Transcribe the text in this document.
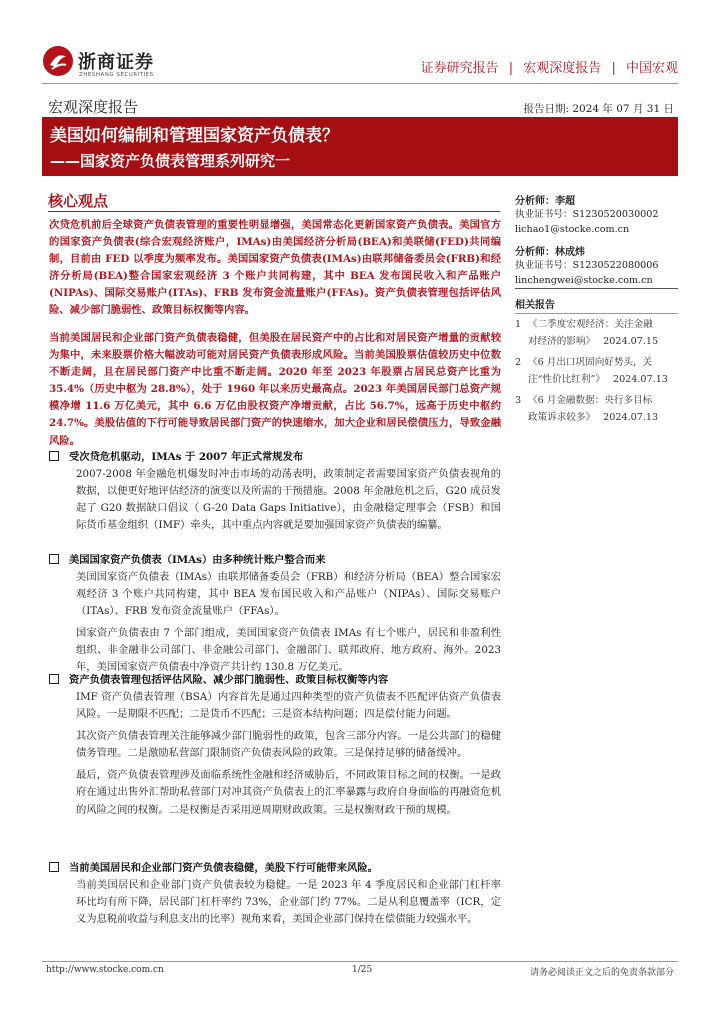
浙商证券
ZHESHANG SECURITIES	证券研究报告 | 宏观深度报告 | 中国宏观
宏观深度报告	报告日期: 2024 年 07 月 31 日
美国如何编制和管理国家资产负债表？
——国家资产负债表管理系列研究一
核心观点
次贷危机前后全球资产负债表管理的重要性明显增强，美国常态化更新国家资产负债表。美国官方的国家资产负债表(综合宏观经济账户，IMAs)由美国经济分析局(BEA)和美联储(FED)共同编制，目前由 FED 以季度为频率发布。美国国家资产负债表(IMAs)由联邦储备委员会(FRB)和经济分析局(BEA)整合国家宏观经济 3 个账户共同构建，其中 BEA 发布国民收入和产品账户(NIPAs)、国际交易账户(ITAs)、FRB 发布资金流量账户(FFAs)。资产负债表管理包括评估风险、减少部门脆弱性、政策目标权衡等内容。
当前美国居民和企业部门资产负债表稳健，但美股在居民资产中的占比和对居民资产增量的贡献较为集中，未来股票价格大幅波动可能对居民资产负债表形成风险。当前美国股票估值较历史中位数不断走阔，且在居民部门资产中比重不断走阔。2020 年至 2023 年股票占居民总资产比重为 35.4%（历史中枢为 28.8%），处于 1960 年以来历史最高点。2023 年美国居民部门总资产规模净增 11.6 万亿美元，其中 6.6 万亿由股权资产净增贡献，占比 56.7%，远高于历史中枢约 24.7%。美股估值的下行可能导致居民部门资产的快速缩水，加大企业和居民偿债压力，导致金融风险。
受次贷危机驱动，IMAs 于 2007 年正式常规发布
2007-2008 年金融危机爆发时冲击市场的动荡表明，政策制定者需要国家资产负债表视角的数据，以便更好地评估经济的演变以及所需的干预措施。2008 年金融危机之后，G20 成员发起了 G20 数据缺口倡议（ G-20 Data Gaps Initiative），由金融稳定理事会（FSB）和国际货币基金组织（IMF）牵头，其中重点内容就是要加强国家资产负债表的编纂。
美国国家资产负债表（IMAs）由多种统计账户整合而来
美国国家资产负债表（IMAs）由联邦储备委员会（FRB）和经济分析局（BEA）整合国家宏观经济 3 个账户共同构建，其中 BEA 发布国民收入和产品账户（NIPAs）、国际交易账户（ITAs）、FRB 发布资金流量账户（FFAs）。
国家资产负债表由 7 个部门组成，美国国家资产负债表 IMAs 有七个账户，居民和非盈利性组织、非金融非公司部门、非金融公司部门、金融部门、联邦政府、地方政府、海外。2023 年，美国国家资产负债表中净资产共计约 130.8 万亿美元。
资产负债表管理包括评估风险、减少部门脆弱性、政策目标权衡等内容
IMF 资产负债表管理（BSA）内容首先是通过四种类型的资产负债表不匹配评估资产负债表风险。一是期限不匹配；二是货币不匹配；三是资本结构问题；四是偿付能力问题。
其次资产负债表管理关注能够减少部门脆弱性的政策，包含三部分内容。一是公共部门的稳健债务管理。二是激励私营部门限制资产负债表风险的政策。三是保持足够的储备缓冲。
最后，资产负债表管理涉及面临系统性金融和经济威胁后，不同政策目标之间的权衡。一是政府在通过出售外汇帮助私营部门对冲其资产负债表上的汇率暴露与政府自身面临的再融资危机的风险之间的权衡。二是权衡是否采用逆周期财政政策。三是权衡财政干预的规模。
当前美国居民和企业部门资产负债表稳健，美股下行可能带来风险。
当前美国居民和企业部门资产负债表较为稳健。一是 2023 年 4 季度居民和企业部门杠杆率环比均有所下降，居民部门杠杆率约 73%，企业部门约 77%。二是从利息覆盖率（ICR，定义为息税前收益与利息支出的比率）视角来看，美国企业部门保持在偿债能力较强水平。
分析师：李超
执业证书号：S1230520030002
lichao1@stocke.com.cn
分析师：林成炜
执业证书号：S1230522080006
linchengwei@stocke.com.cn
相关报告
1 《二季度宏观经济：关注金融
对经济的影响》 2024.07.15
2 《6 月出口巩固向好势头，关
注“性价比红利”》 2024.07.13
3 《6 月金融数据：央行多目标
政策诉求较多》 2024.07.13
http://www.stocke.com.cn	1/25	请务必阅读正文之后的免责条款部分
